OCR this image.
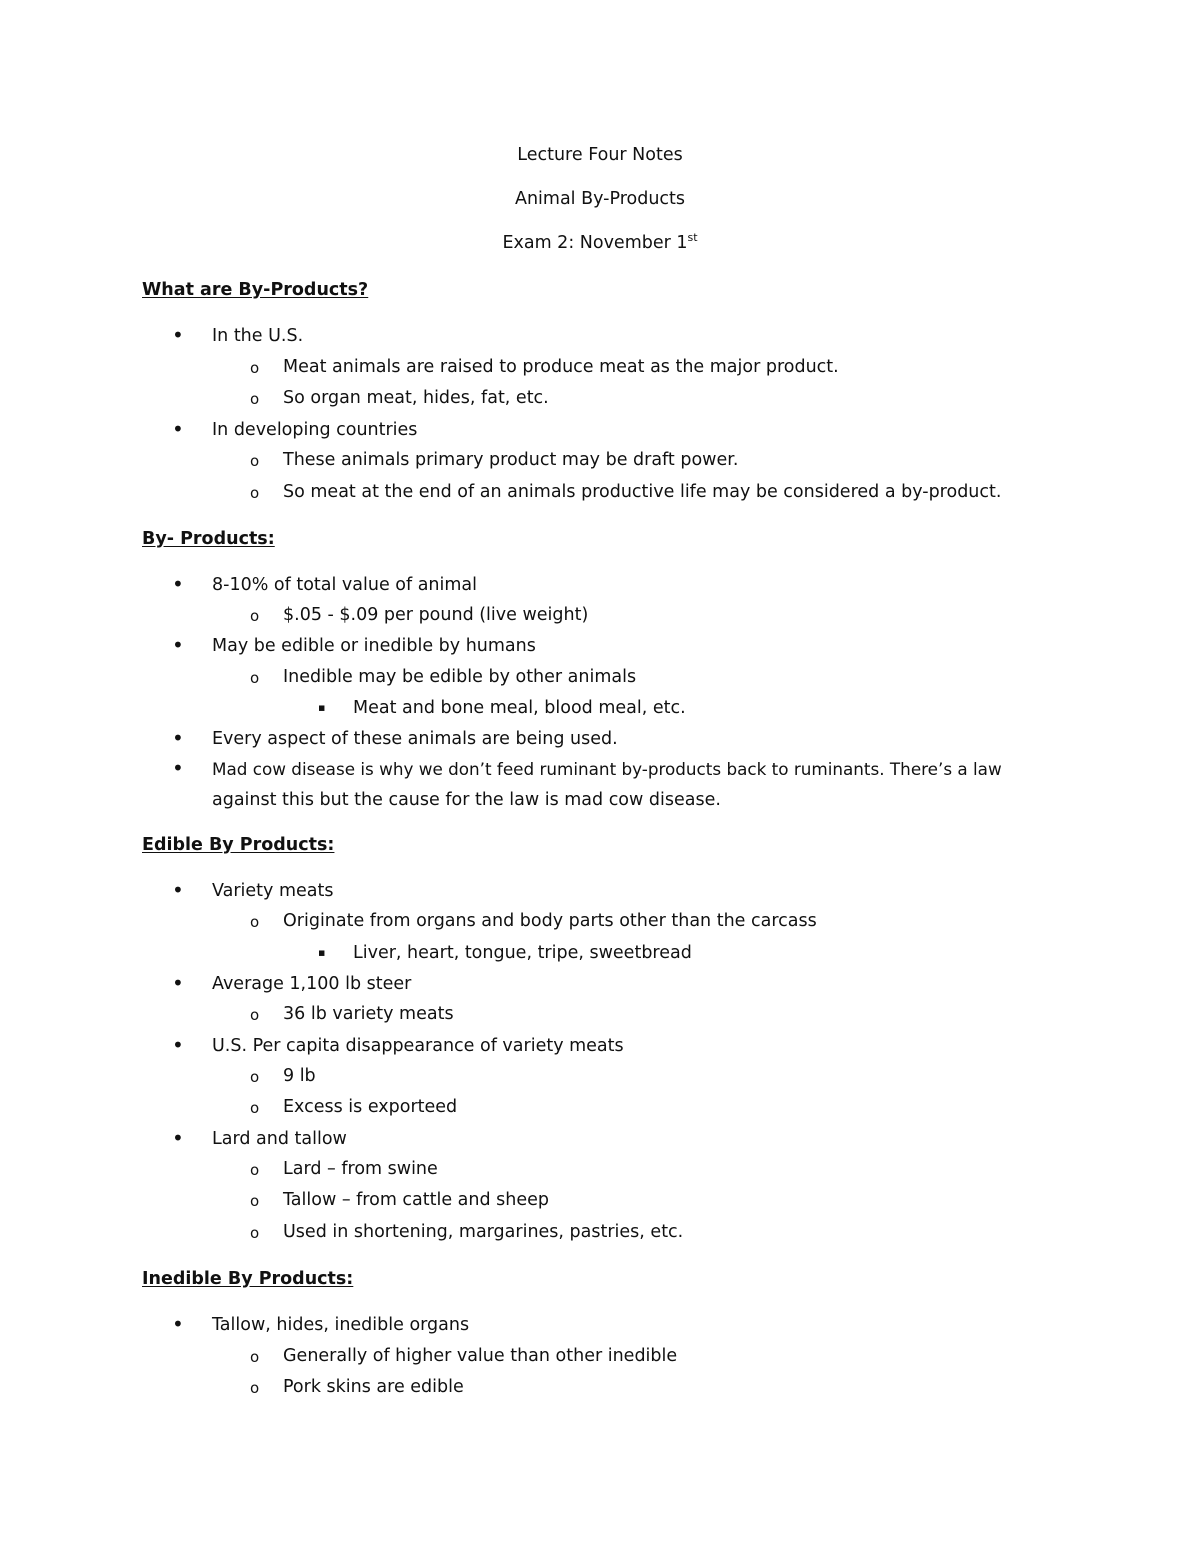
Lecture Four Notes

Animal By-Products

Exam 2: November 1st

What are By-Products?

• In the U.S.

o Meat animals are raised to produce meat as the major product.

o So organ meat, hides, fat, etc.

• In developing countries

o These animals primary product may be draft power.

o So meat at the end of an animals productive life may be considered a by-product.

By- Products:

• 8-10% of total value of animal

o $.05 - $.09 per pound (live weight)

• May be edible or inedible by humans

o Inedible may be edible by other animals

▪ Meat and bone meal, blood meal, etc.

• Every aspect of these animals are being used.

• Mad cow disease is why we don’t feed ruminant by-products back to ruminants. There’s a law

against this but the cause for the law is mad cow disease.

Edible By Products:

• Variety meats

o Originate from organs and body parts other than the carcass

▪ Liver, heart, tongue, tripe, sweetbread

• Average 1,100 lb steer

o 36 lb variety meats

• U.S. Per capita disappearance of variety meats

o 9 lb

o Excess is exporteed

• Lard and tallow

o Lard – from swine

o Tallow – from cattle and sheep

o Used in shortening, margarines, pastries, etc.

Inedible By Products:

• Tallow, hides, inedible organs

o Generally of higher value than other inedible

o Pork skins are edible
